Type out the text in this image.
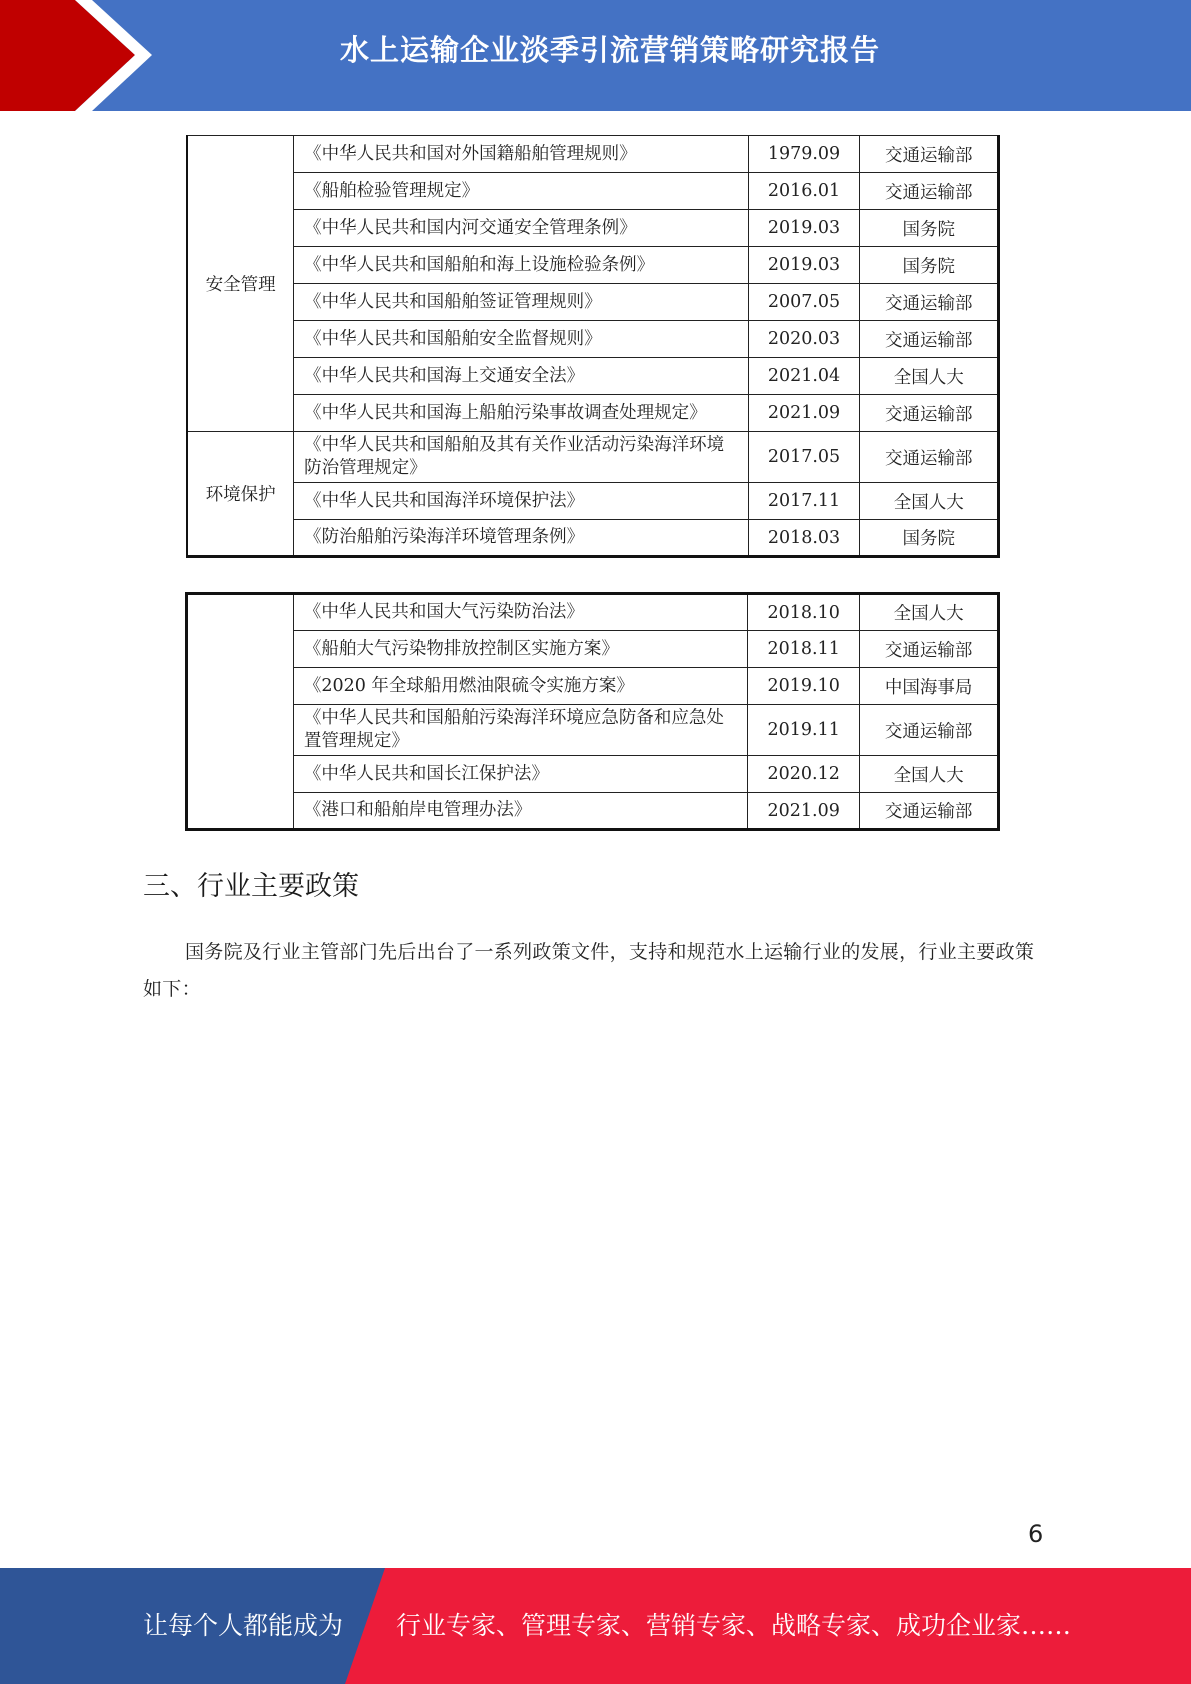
水上运输企业淡季引流营销策略研究报告
安全管理	《中华人民共和国对外国籍船舶管理规则》	1979.09	交通运输部
	《船舶检验管理规定》	2016.01	交通运输部
	《中华人民共和国内河交通安全管理条例》	2019.03	国务院
	《中华人民共和国船舶和海上设施检验条例》	2019.03	国务院
	《中华人民共和国船舶签证管理规则》	2007.05	交通运输部
	《中华人民共和国船舶安全监督规则》	2020.03	交通运输部
	《中华人民共和国海上交通安全法》	2021.04	全国人大
	《中华人民共和国海上船舶污染事故调查处理规定》	2021.09	交通运输部
环境保护	《中华人民共和国船舶及其有关作业活动污染海洋环境防治管理规定》	2017.05	交通运输部
	《中华人民共和国海洋环境保护法》	2017.11	全国人大
	《防治船舶污染海洋环境管理条例》	2018.03	国务院
	《中华人民共和国大气污染防治法》	2018.10	全国人大
	《船舶大气污染物排放控制区实施方案》	2018.11	交通运输部
	《2020 年全球船用燃油限硫令实施方案》	2019.10	中国海事局
	《中华人民共和国船舶污染海洋环境应急防备和应急处置管理规定》	2019.11	交通运输部
	《中华人民共和国长江保护法》	2020.12	全国人大
	《港口和船舶岸电管理办法》	2021.09	交通运输部
三、行业主要政策

国务院及行业主管部门先后出台了一系列政策文件，支持和规范水上运输行业的发展，行业主要政策如下：

6
让每个人都能成为 行业专家、管理专家、营销专家、战略专家、成功企业家……
